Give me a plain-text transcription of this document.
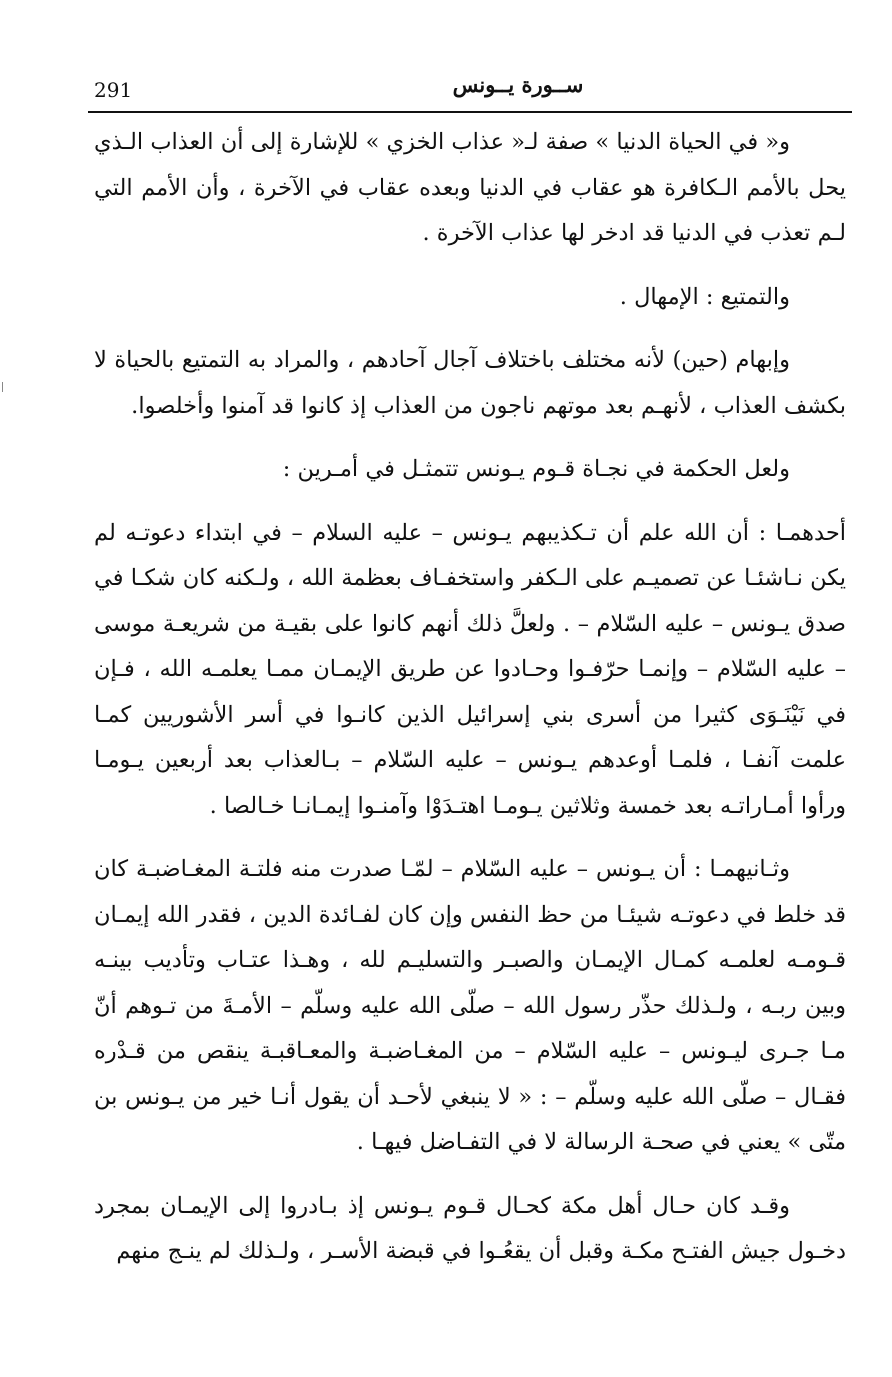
291	ســورة يــونس

و« في الحياة الدنيا » صفة لـ« عذاب الخزي » للإشارة إلى أن العذاب الـذي يحل بالأمم الـكافرة هو عقاب في الدنيا وبعده عقاب في الآخرة ، وأن الأمم التي لـم تعذب في الدنيا قد ادخر لها عذاب الآخرة .

والتمتيع : الإمهال .

وإبهام (حين) لأنه مختلف باختلاف آجال آحادهم ، والمراد به التمتيع بالحياة لا بكشف العذاب ، لأنهـم بعد موتهم ناجون من العذاب إذ كانوا قد آمنوا وأخلصوا.

ولعل الحكمة في نجـاة قـوم يـونس تتمثـل في أمـرين :

أحدهمـا : أن الله علم أن تـكذيبهم يـونس – عليه السلام – في ابتداء دعوتـه لم يكن نـاشئـا عن تصميـم على الـكفر واستخفـاف بعظمة الله ، ولـكنه كان شكـا في صدق يـونس – عليه السّلام – . ولعلَّ ذلك أنهم كانوا على بقيـة من شريعـة موسى – عليه السّلام – وإنمـا حرّفـوا وحـادوا عن طريق الإيمـان ممـا يعلمـه الله ، فـإن في نَيْنَـوَى كثيرا من أسرى بني إسرائيل الذين كانـوا في أسر الأشوريين كمـا علمت آنفـا ، فلمـا أوعدهم يـونس – عليه السّلام – بـالعذاب بعد أربعين يـومـا ورأوا أمـاراتـه بعد خمسة وثلاثين يـومـا اهتـدَوْا وآمنـوا إيمـانـا خـالصا .

وثـانيهمـا : أن يـونس – عليه السّلام – لمّـا صدرت منه فلتـة المغـاضبـة كان قد خلط في دعوتـه شيئـا من حظ النفس وإن كان لفـائدة الدين ، فقدر الله إيمـان قـومـه لعلمـه كمـال الإيمـان والصبـر والتسليـم لله ، وهـذا عتـاب وتأديب بينـه وبين ربـه ، ولـذلك حذّر رسول الله – صلّى الله عليه وسلّم – الأمـةَ من تـوهم أنّ مـا جـرى ليـونس – عليه السّلام – من المغـاضبـة والمعـاقبـة ينقص من قـدْره فقـال – صلّى الله عليه وسلّم – : « لا ينبغي لأحـد أن يقول أنـا خير من يـونس بن متّى » يعني في صحـة الرسالة لا في التفـاضل فيهـا .

وقـد كان حـال أهل مكة كحـال قـوم يـونس إذ بـادروا إلى الإيمـان بمجرد دخـول جيش الفتـح مكـة وقبل أن يقعُـوا في قبضة الأسـر ، ولـذلك لم ينـج منهم
